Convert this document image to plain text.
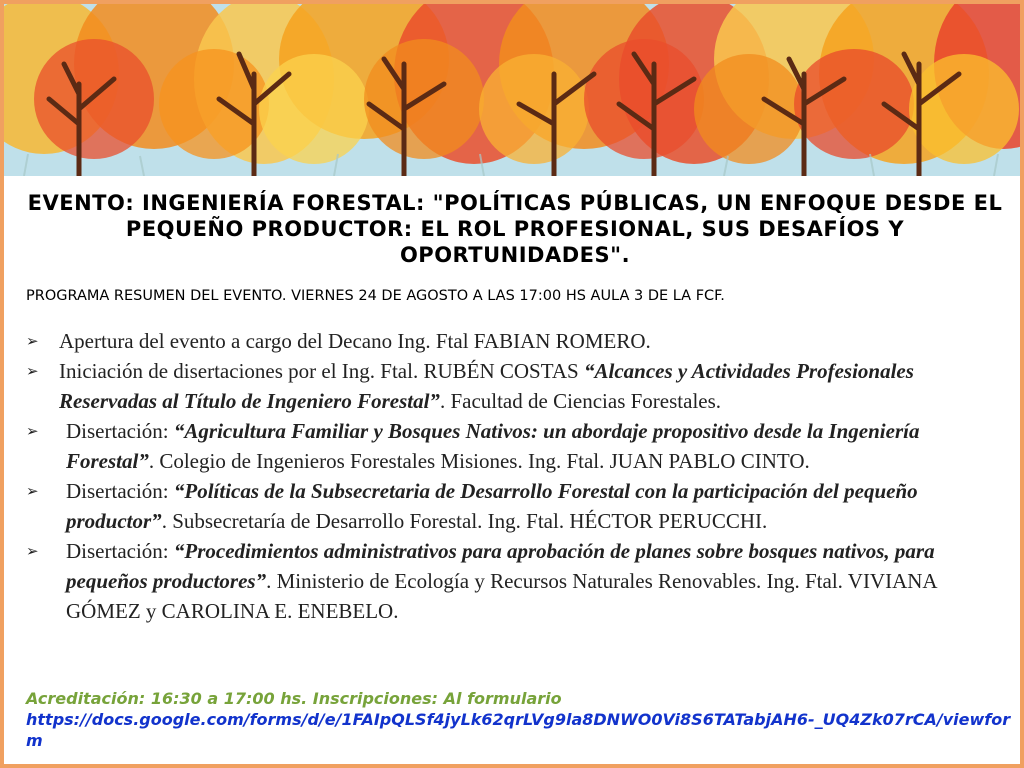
EVENTO: INGENIERÍA FORESTAL: "POLÍTICAS PÚBLICAS, UN ENFOQUE DESDE EL PEQUEÑO PRODUCTOR: EL ROL PROFESIONAL, SUS DESAFÍOS Y OPORTUNIDADES".
PROGRAMA RESUMEN DEL EVENTO. VIERNES 24 DE AGOSTO A LAS 17:00 HS AULA 3 DE LA FCF.
➢ Apertura del evento a cargo del Decano Ing. Ftal FABIAN ROMERO.
➢ Iniciación de disertaciones por el Ing. Ftal. RUBÉN COSTAS “Alcances y Actividades Profesionales Reservadas al Título de Ingeniero Forestal”. Facultad de Ciencias Forestales.
➢ Disertación: “Agricultura Familiar y Bosques Nativos: un abordaje propositivo desde la Ingeniería Forestal”. Colegio de Ingenieros Forestales Misiones. Ing. Ftal. JUAN PABLO CINTO.
➢ Disertación: “Políticas de la Subsecretaria de Desarrollo Forestal con la participación del pequeño productor”. Subsecretaría de Desarrollo Forestal. Ing. Ftal. HÉCTOR PERUCCHI.
➢ Disertación: “Procedimientos administrativos para aprobación de planes sobre bosques nativos, para pequeños productores”. Ministerio de Ecología y Recursos Naturales Renovables. Ing. Ftal. VIVIANA GÓMEZ y CAROLINA E. ENEBELO.
Acreditación: 16:30 a 17:00 hs. Inscripciones: Al formulario
https://docs.google.com/forms/d/e/1FAIpQLSf4jyLk62qrLVg9la8DNWO0Vi8S6TATabjAH6-_UQ4Zk07rCA/viewform
